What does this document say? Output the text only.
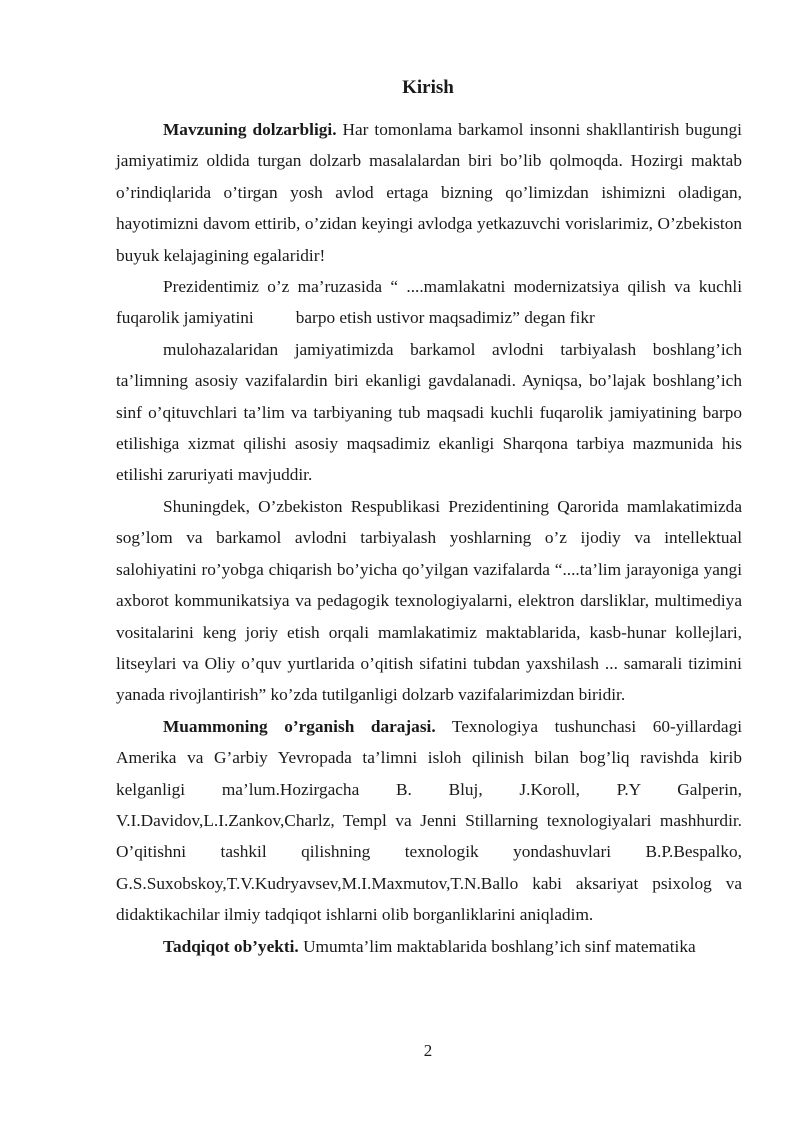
Kirish

Mavzuning dolzarbligi. Har tomonlama barkamol insonni shakllantirish bugungi jamiyatimiz oldida turgan dolzarb masalalardan biri bo’lib qolmoqda. Hozirgi maktab o’rindiqlarida o’tirgan yosh avlod ertaga bizning qo’limizdan ishimizni oladigan, hayotimizni davom ettirib, o’zidan keyingi avlodga yetkazuvchi vorislarimiz, O’zbekiston buyuk kelajagining egalaridir!

Prezidentimiz o’z ma’ruzasida “ ....mamlakatni modernizatsiya qilish va kuchli fuqarolik jamiyatini barpo etish ustivor maqsadimiz” degan fikr

mulohazalaridan jamiyatimizda barkamol avlodni tarbiyalash boshlang’ich ta’limning asosiy vazifalardin biri ekanligi gavdalanadi. Ayniqsa, bo’lajak boshlang’ich sinf o’qituvchlari ta’lim va tarbiyaning tub maqsadi kuchli fuqarolik jamiyatining barpo etilishiga xizmat qilishi asosiy maqsadimiz ekanligi Sharqona tarbiya mazmunida his etilishi zaruriyati mavjuddir.

Shuningdek, O’zbekiston Respublikasi Prezidentining Qarorida mamlakatimizda sog’lom va barkamol avlodni tarbiyalash yoshlarning o’z ijodiy va intellektual salohiyatini ro’yobga chiqarish bo’yicha qo’yilgan vazifalarda “....ta’lim jarayoniga yangi axborot kommunikatsiya va pedagogik texnologiyalarni, elektron darsliklar, multimediya vositalarini keng joriy etish orqali mamlakatimiz maktablarida, kasb-hunar kollejlari, litseylari va Oliy o’quv yurtlarida o’qitish sifatini tubdan yaxshilash ... samarali tizimini yanada rivojlantirish” ko’zda tutilganligi dolzarb vazifalarimizdan biridir.

Muammoning o’rganish darajasi. Texnologiya tushunchasi 60-yillardagi Amerika va G’arbiy Yevropada ta’limni isloh qilinish bilan bog’liq ravishda kirib kelganligi ma’lum.Hozirgacha B. Bluj, J.Koroll, P.Y Galperin, V.I.Davidov,L.I.Zankov,Charlz, Templ va Jenni Stillarning texnologiyalari mashhurdir. O’qitishni tashkil qilishning texnologik yondashuvlari B.P.Bespalko, G.S.Suxobskoy,T.V.Kudryavsev,M.I.Maxmutov,T.N.Ballo kabi aksariyat psixolog va didaktikachilar ilmiy tadqiqot ishlarni olib borganliklarini aniqladim.

Tadqiqot ob’yekti. Umumta’lim maktablarida boshlang’ich sinf matematika

2
